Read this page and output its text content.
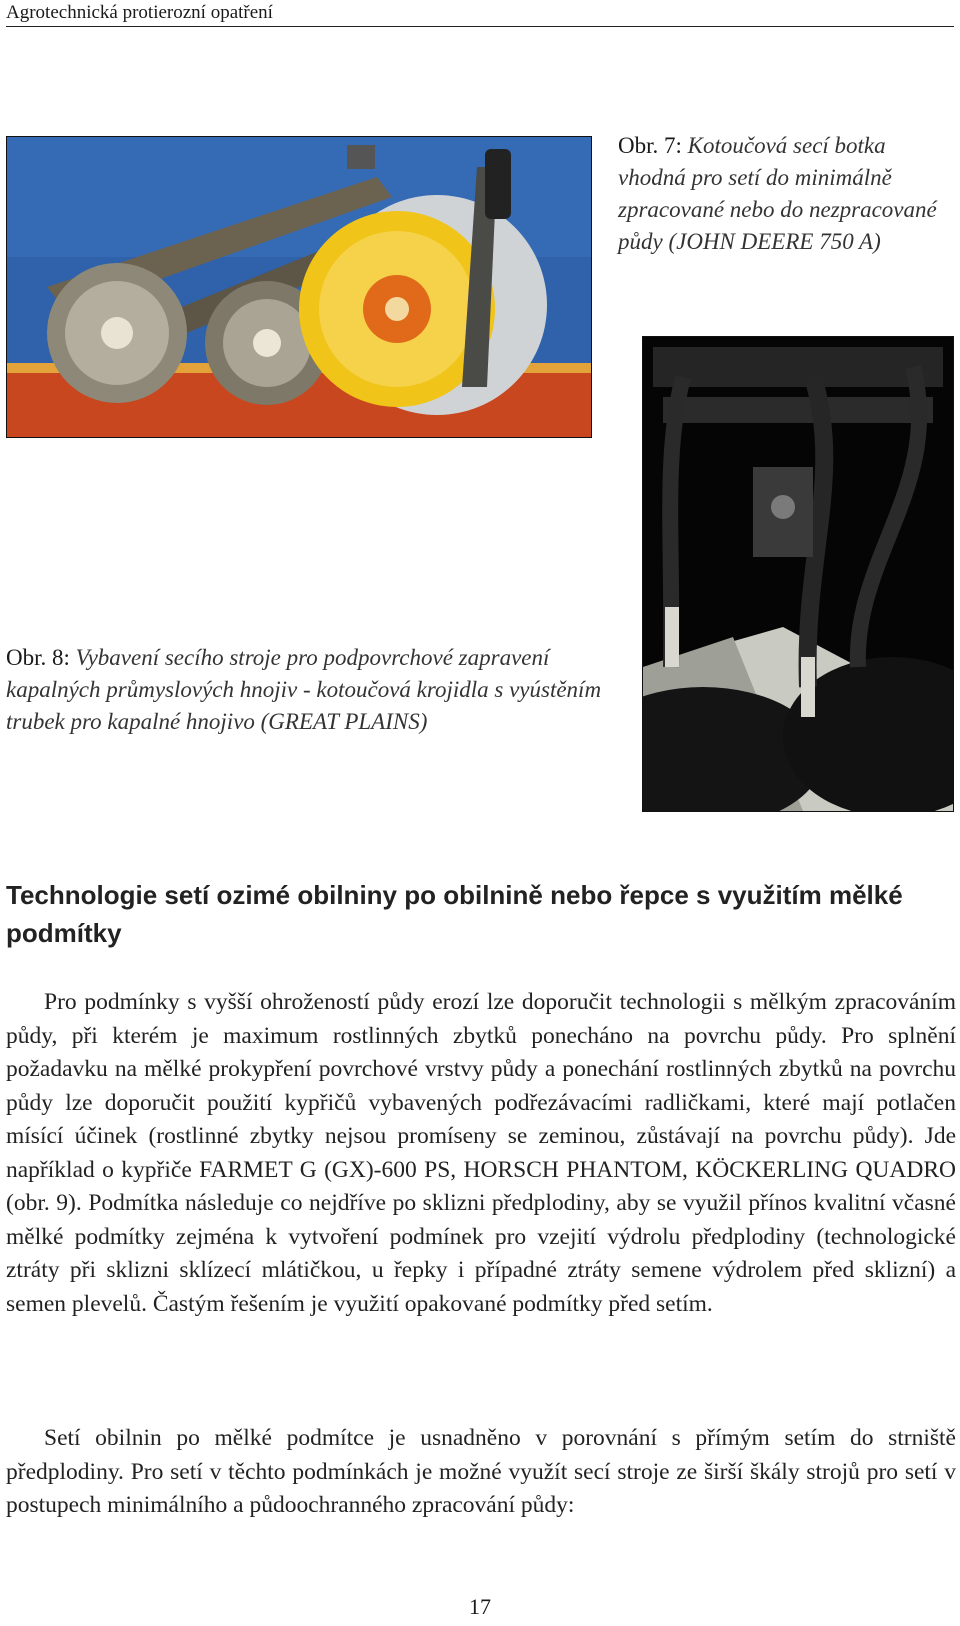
Agrotechnická protierozní opatření
Obr. 7: Kotoučová secí botka vhodná pro setí do minimálně zpracované nebo do nezpracované půdy (JOHN DEERE 750 A)
Obr. 8: Vybavení secího stroje pro podpovrchové zapravení kapalných průmyslových hnojiv - kotoučová krojidla s vyústěním trubek pro kapalné hnojivo (GREAT PLAINS)
Technologie setí ozimé obilniny po obilnině nebo řepce s využitím mělké podmítky

Pro podmínky s vyšší ohrožeností půdy erozí lze doporučit technologii s mělkým zpracováním půdy, při kterém je maximum rostlinných zbytků ponecháno na povrchu půdy. Pro splnění požadavku na mělké prokypření povrchové vrstvy půdy a ponechání rostlinných zbytků na povrchu půdy lze doporučit použití kypřičů vybavených podřezávacími radličkami, které mají potlačen mísící účinek (rostlinné zbytky nejsou promíseny se zeminou, zůstávají na povrchu půdy). Jde například o kypřiče FARMET G (GX)-600 PS, HORSCH PHANTOM, KÖCKERLING QUADRO (obr. 9). Podmítka následuje co nejdříve po sklizni předplodiny, aby se využil přínos kvalitní včasné mělké podmítky zejména k vytvoření podmínek pro vzejití výdrolu předplodiny (technologické ztráty při sklizni sklízecí mlátičkou, u řepky i případné ztráty semene výdrolem před sklizní) a semen plevelů. Častým řešením je využití opakované podmítky před setím.

Setí obilnin po mělké podmítce je usnadněno v porovnání s přímým setím do strniště předplodiny. Pro setí v těchto podmínkách je možné využít secí stroje ze širší škály strojů pro setí v postupech minimálního a půdoochranného zpracování půdy:

17
